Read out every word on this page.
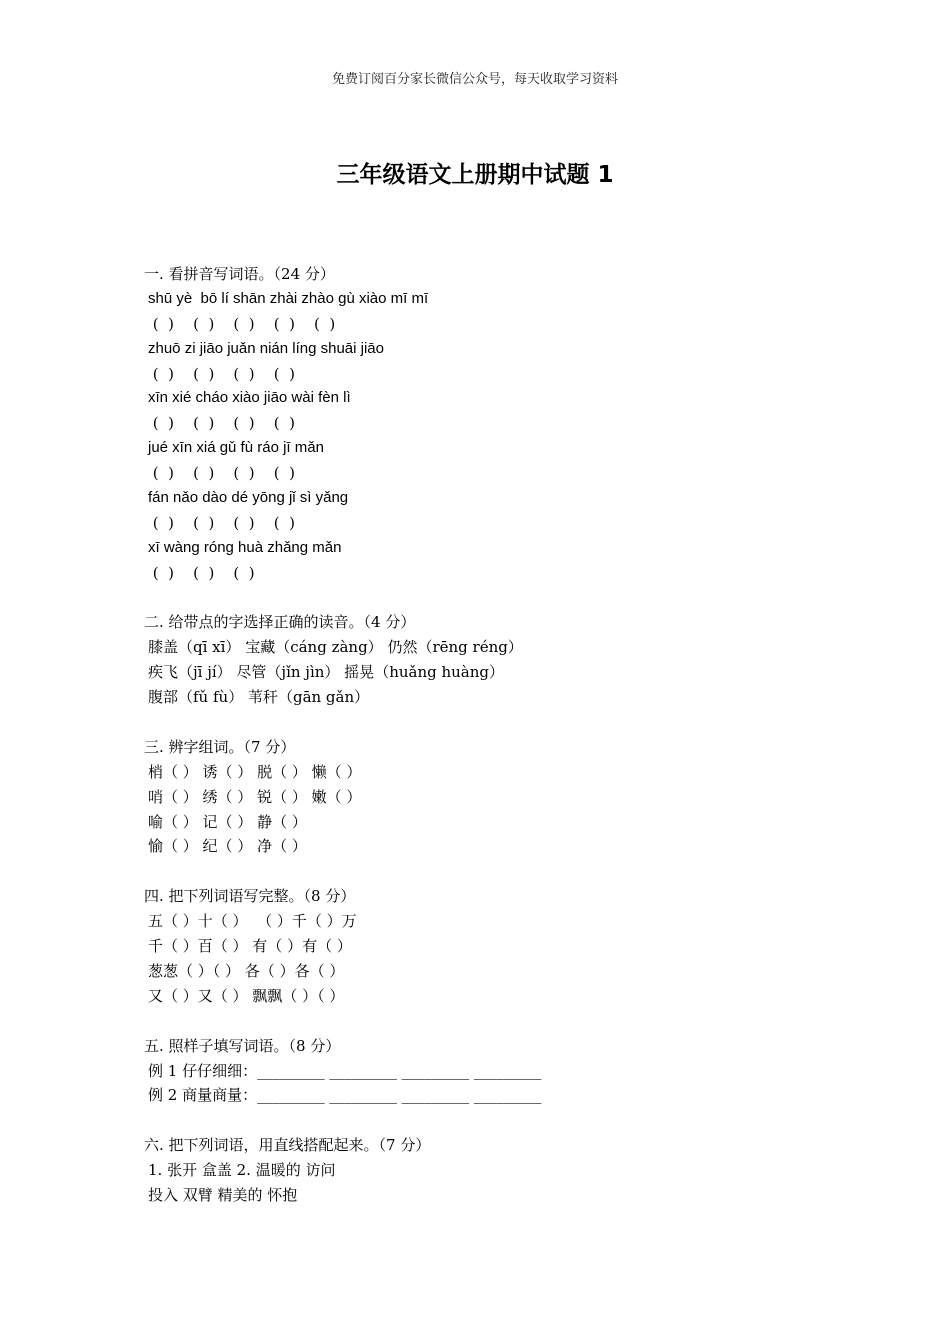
免费订阅百分家长微信公众号，每天收取学习资料
三年级语文上册期中试题 1
一. 看拼音写词语。（24 分）
shū yè  bō lí shān zhài zhào gù xiào mī mī
(  )    (  )    (  )    (  )    (  )
zhuō zi jiāo juǎn nián líng shuāi jiāo
(  )    (  )    (  )    (  )
xīn xié cháo xiào jiāo wài fèn lì
(  )    (  )    (  )    (  )
jué xīn xiá gǔ fù ráo jī mǎn
(  )    (  )    (  )    (  )
fán nǎo dào dé yōng jǐ sì yǎng
(  )    (  )    (  )    (  )
xī wàng róng huà zhǎng mǎn
(  )    (  )    (  )
二. 给带点的字选择正确的读音。（4 分）
膝盖（qī xī） 宝藏（cáng zàng） 仍然（rēng réng）
疾飞（jī jí） 尽管（jǐn jìn） 摇晃（huǎng huàng）
腹部（fǔ fù） 苇秆（gān gǎn）
三. 辨字组词。（7 分）
梢（ ） 诱（ ） 脱（ ） 懒（ ）
哨（ ） 绣（ ） 锐（ ） 嫩（ ）
喻（ ） 记（ ） 静（ ）
愉（ ） 纪（ ） 净（ ）
四. 把下列词语写完整。（8 分）
五（ ）十（ ）  （ ）千（ ）万
千（ ）百（ ） 有（ ）有（ ）
葱葱（ ）（ ） 各（ ）各（ ）
又（ ）又（ ） 飘飘（ ）（ ）
五. 照样子填写词语。（8 分）
例 1 仔仔细细：_________ _________ _________ _________
例 2 商量商量：_________ _________ _________ _________
六. 把下列词语，用直线搭配起来。（7 分）
1. 张开 盒盖 2. 温暖的 访问
投入 双臂 精美的 怀抱
